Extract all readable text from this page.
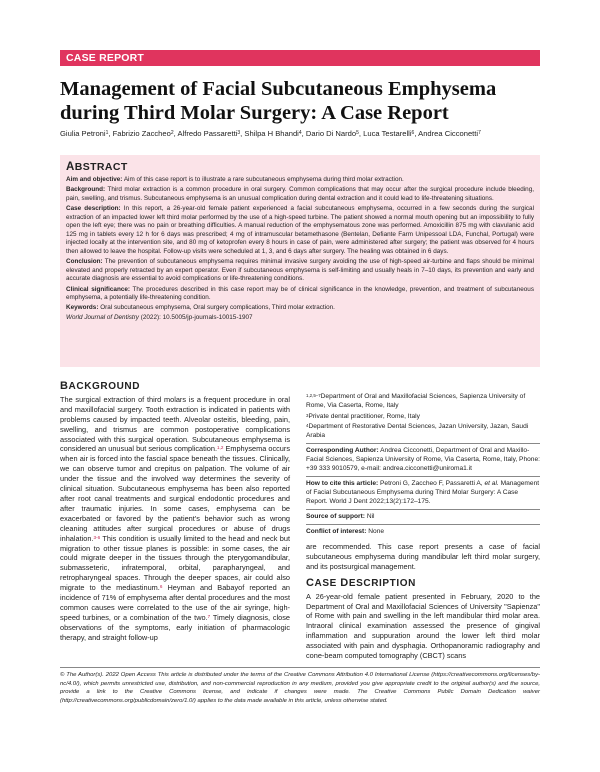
CASE REPORT
Management of Facial Subcutaneous Emphysema during Third Molar Surgery: A Case Report
Giulia Petroni$^1$, Fabrizio Zaccheo$^2$, Alfredo Passaretti$^3$, Shilpa H Bhandi$^4$, Dario Di Nardo$^5$, Luca Testarelli$^6$, Andrea Cicconetti$^7$
ABSTRACT

Aim and objective: Aim of this case report is to illustrate a rare subcutaneous emphysema during third molar extraction.

Background: Third molar extraction is a common procedure in oral surgery. Common complications that may occur after the surgical procedure include bleeding, pain, swelling, and trismus. Subcutaneous emphysema is an unusual complication during dental extraction and it could lead to life-threatening situations.

Case description: In this report, a 26-year-old female patient experienced a facial subcutaneous emphysema, occurred in a few seconds during the surgical extraction of an impacted lower left third molar performed by the use of a high-speed turbine. The patient showed a normal mouth opening but an impossibility to fully open the left eye; there was no pain or breathing difficulties. A manual reduction of the emphysematous zone was performed. Amoxicillin 875 mg with clavulanic acid 125 mg in tablets every 12 h for 6 days was prescribed; 4 mg of intramuscular betamethasone (Bentelan, Defiante Farm Unipessoal LDA, Funchal, Portugal) were injected locally at the intervention site, and 80 mg of ketoprofen every 8 hours in case of pain, were administered after surgery; the patient was observed for 4 hours then allowed to leave the hospital. Follow-up visits were scheduled at 1, 3, and 6 days after surgery. The healing was obtained in 6 days.

Conclusion: The prevention of subcutaneous emphysema requires minimal invasive surgery avoiding the use of high-speed air-turbine and flaps should be minimal elevated and properly retracted by an expert operator. Even if subcutaneous emphysema is self-limiting and usually heals in 7–10 days, its prevention and early and accurate diagnosis are essential to avoid complications or life-threatening conditions.

Clinical significance: The procedures described in this case report may be of clinical significance in the knowledge, prevention, and treatment of subcutaneous emphysema, a potentially life-threatening condition.

Keywords: Oral subcutaneous emphysema, Oral surgery complications, Third molar extraction.

World Journal of Dentistry (2022): 10.5005/jp-journals-10015-1907
BACKGROUND

The surgical extraction of third molars is a frequent procedure in oral and maxillofacial surgery. Tooth extraction is indicated in patients with problems caused by impacted teeth. Alveolar osteitis, bleeding, pain, swelling, and trismus are common postoperative complications associated with this surgical operation. Subcutaneous emphysema is considered an unusual but serious complication.$^{1,2}$ Emphysema occurs when air is forced into the fascial space beneath the tissues. Clinically, we can observe tumor and crepitus on palpation. The volume of air under the tissue and the involved way determines the severity of clinical situation. Subcutaneous emphysema has been also reported after root canal treatments and surgical endodontic procedures and after traumatic injuries. In some cases, emphysema can be exacerbated or favored by the patient's behavior such as wrong cleaning attitudes after surgical procedures or abuse of drugs inhalation.$^{3-6}$ This condition is usually limited to the head and neck but migration to other tissue planes is possible: in some cases, the air could migrate deeper in the tissues through the pterygomandibular, submasseteric, infratemporal, orbital, parapharyngeal, and retropharyngeal spaces. Through the deeper spaces, air could also migrate to the mediastinum.$^6$ Heyman and Babayof reported an incidence of 71% of emphysema after dental procedures and the most common causes were correlated to the use of the air syringe, high-speed turbines, or a combination of the two.$^7$ Timely diagnosis, close observations of the symptoms, early initiation of pharmacologic therapy, and straight follow-up

$^{1,2,5-7}$Department of Oral and Maxillofacial Sciences, Sapienza University of Rome, Via Caserta, Rome, Italy

$^3$Private dental practitioner, Rome, Italy

$^4$Department of Restorative Dental Sciences, Jazan University, Jazan, Saudi Arabia

Corresponding Author: Andrea Cicconetti, Department of Oral and Maxillo-Facial Sciences, Sapienza University of Rome, Via Caserta, Rome, Italy, Phone: +39 333 9010579, e-mail: andrea.cicconetti@uniroma1.it

How to cite this article: Petroni G, Zaccheo F, Passaretti A, et al. Management of Facial Subcutaneous Emphysema during Third Molar Surgery: A Case Report. World J Dent 2022;13(2):172–175.

Source of support: Nil

Conflict of interest: None

are recommended. This case report presents a case of facial subcutaneous emphysema during mandibular left third molar surgery, and its postsurgical management.

CASE DESCRIPTION

A 26-year-old female patient presented in February, 2020 to the Department of Oral and Maxillofacial Sciences of University "Sapienza" of Rome with pain and swelling in the left mandibular third molar area. Intraoral clinical examination assessed the presence of gingival inflammation and suppuration around the lower left third molar associated with pain and dysphagia. Orthopanoramic radiography and cone-beam computed tomography (CBCT) scans

© The Author(s). 2022 Open Access This article is distributed under the terms of the Creative Commons Attribution 4.0 International License (https://creativecommons.org/licenses/by-nc/4.0/), which permits unrestricted use, distribution, and non-commercial reproduction in any medium, provided you give appropriate credit to the original author(s) and the source, provide a link to the Creative Commons license, and indicate if changes were made. The Creative Commons Public Domain Dedication waiver (http://creativecommons.org/publicdomain/zero/1.0/) applies to the data made available in this article, unless otherwise stated.
